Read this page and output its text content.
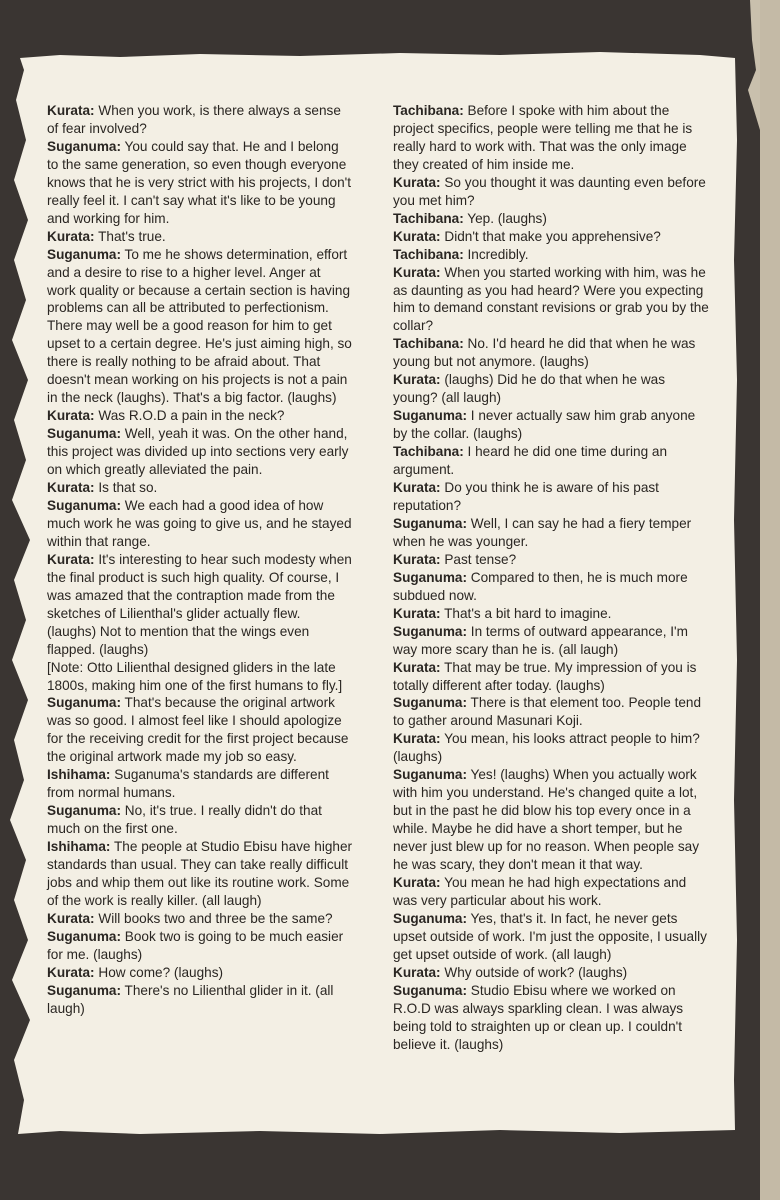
Kurata: When you work, is there always a sense of fear involved?

Suganuma: You could say that. He and I belong to the same generation, so even though everyone knows that he is very strict with his projects, I don't really feel it. I can't say what it's like to be young and working for him.

Kurata: That's true.

Suganuma: To me he shows determination, effort and a desire to rise to a higher level. Anger at work quality or because a certain section is having problems can all be attributed to perfectionism. There may well be a good reason for him to get upset to a certain degree. He's just aiming high, so there is really nothing to be afraid about. That doesn't mean working on his projects is not a pain in the neck (laughs). That's a big factor. (laughs)

Kurata: Was R.O.D a pain in the neck?

Suganuma: Well, yeah it was. On the other hand, this project was divided up into sections very early on which greatly alleviated the pain.

Kurata: Is that so.

Suganuma: We each had a good idea of how much work he was going to give us, and he stayed within that range.

Kurata: It's interesting to hear such modesty when the final product is such high quality. Of course, I was amazed that the contraption made from the sketches of Lilienthal's glider actually flew. (laughs) Not to mention that the wings even flapped. (laughs)

[Note: Otto Lilienthal designed gliders in the late 1800s, making him one of the first humans to fly.]

Suganuma: That's because the original artwork was so good. I almost feel like I should apologize for the receiving credit for the first project because the original artwork made my job so easy.

Ishihama: Suganuma's standards are different from normal humans.

Suganuma: No, it's true. I really didn't do that much on the first one.

Ishihama: The people at Studio Ebisu have higher standards than usual. They can take really difficult jobs and whip them out like its routine work. Some of the work is really killer. (all laugh)

Kurata: Will books two and three be the same?

Suganuma: Book two is going to be much easier for me. (laughs)

Kurata: How come? (laughs)

Suganuma: There's no Lilienthal glider in it. (all laugh)

Tachibana: Before I spoke with him about the project specifics, people were telling me that he is really hard to work with. That was the only image they created of him inside me.

Kurata: So you thought it was daunting even before you met him?

Tachibana: Yep. (laughs)

Kurata: Didn't that make you apprehensive?

Tachibana: Incredibly.

Kurata: When you started working with him, was he as daunting as you had heard? Were you expecting him to demand constant revisions or grab you by the collar?

Tachibana: No. I'd heard he did that when he was young but not anymore. (laughs)

Kurata: (laughs) Did he do that when he was young? (all laugh)

Suganuma: I never actually saw him grab anyone by the collar. (laughs)

Tachibana: I heard he did one time during an argument.

Kurata: Do you think he is aware of his past reputation?

Suganuma: Well, I can say he had a fiery temper when he was younger.

Kurata: Past tense?

Suganuma: Compared to then, he is much more subdued now.

Kurata: That's a bit hard to imagine.

Suganuma: In terms of outward appearance, I'm way more scary than he is. (all laugh)

Kurata: That may be true. My impression of you is totally different after today. (laughs)

Suganuma: There is that element too. People tend to gather around Masunari Koji.

Kurata: You mean, his looks attract people to him? (laughs)

Suganuma: Yes! (laughs) When you actually work with him you understand. He's changed quite a lot, but in the past he did blow his top every once in a while. Maybe he did have a short temper, but he never just blew up for no reason. When people say he was scary, they don't mean it that way.

Kurata: You mean he had high expectations and was very particular about his work.

Suganuma: Yes, that's it. In fact, he never gets upset outside of work. I'm just the opposite, I usually get upset outside of work. (all laugh)

Kurata: Why outside of work? (laughs)

Suganuma: Studio Ebisu where we worked on R.O.D was always sparkling clean. I was always being told to straighten up or clean up. I couldn't believe it. (laughs)
